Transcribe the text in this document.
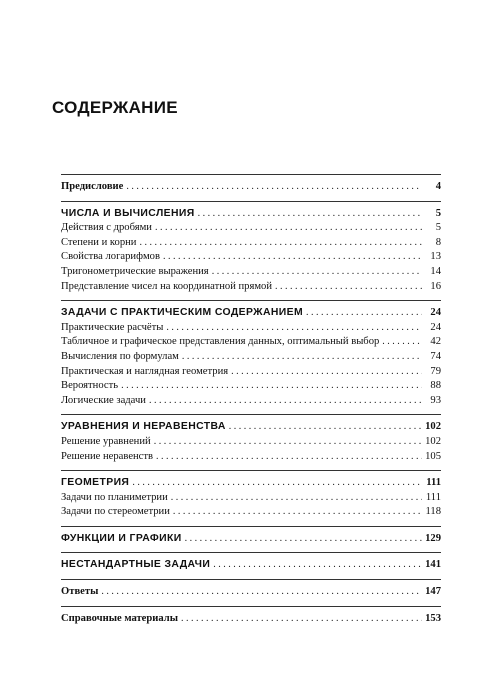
СОДЕРЖАНИЕ
Предисловие . . .	4
ЧИСЛА И ВЫЧИСЛЕНИЯ . . .	5
Действия с дробями . . .	5
Степени и корни . . .	8
Свойства логарифмов . . .	13
Тригонометрические выражения . . .	14
Представление чисел на координатной прямой . . .	16
ЗАДАЧИ С ПРАКТИЧЕСКИМ СОДЕРЖАНИЕМ . . .	24
Практические расчёты . . .	24
Табличное и графическое представления данных, оптимальный выбор . . .	42
Вычисления по формулам . . .	74
Практическая и наглядная геометрия . . .	79
Вероятность . . .	88
Логические задачи . . .	93
УРАВНЕНИЯ И НЕРАВЕНСТВА . . .	102
Решение уравнений . . .	102
Решение неравенств . . .	105
ГЕОМЕТРИЯ . . .	111
Задачи по планиметрии . . .	111
Задачи по стереометрии . . .	118
ФУНКЦИИ И ГРАФИКИ . . .	129
НЕСТАНДАРТНЫЕ ЗАДАЧИ . . .	141
Ответы . . .	147
Справочные материалы . . .	153
